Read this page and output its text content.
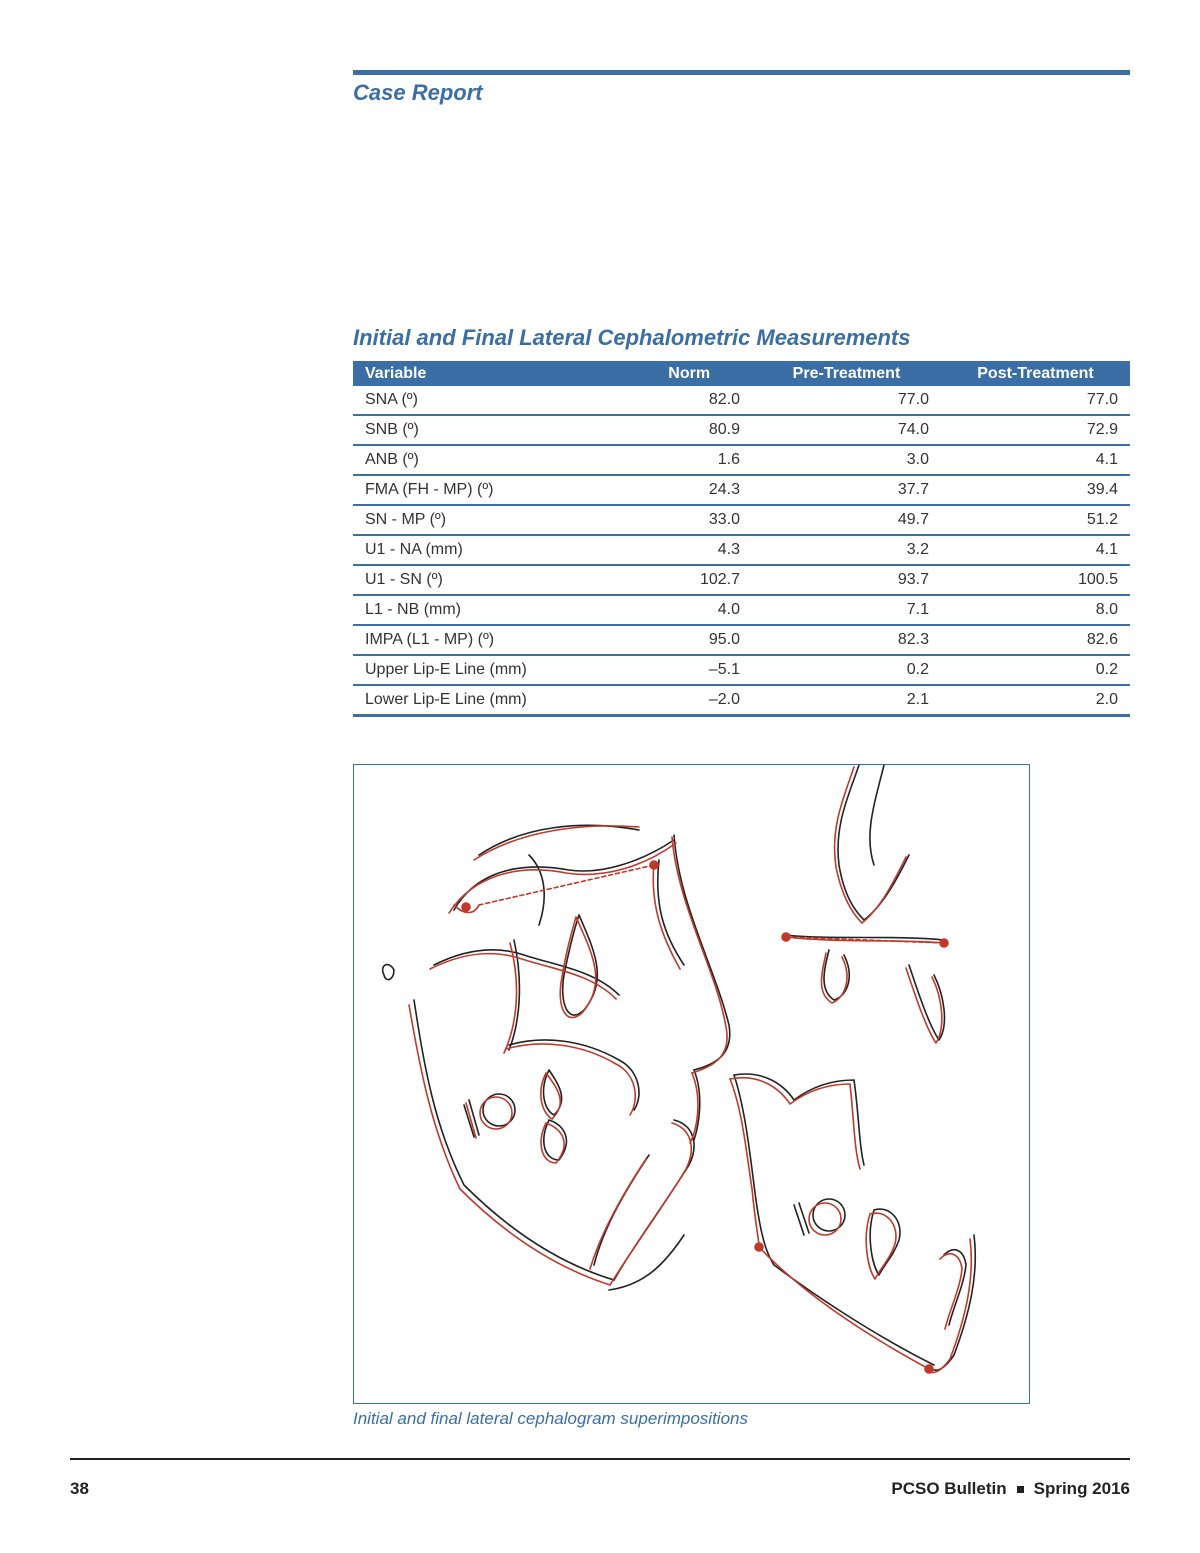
Case Report
Initial and Final Lateral Cephalometric Measurements
Variable	Norm	Pre-Treatment	Post-Treatment
SNA (º)	82.0	77.0	77.0
SNB (º)	80.9	74.0	72.9
ANB (º)	1.6	3.0	4.1
FMA (FH - MP) (º)	24.3	37.7	39.4
SN - MP (º)	33.0	49.7	51.2
U1 - NA (mm)	4.3	3.2	4.1
U1 - SN (º)	102.7	93.7	100.5
L1 - NB (mm)	4.0	7.1	8.0
IMPA (L1 - MP) (º)	95.0	82.3	82.6
Upper Lip-E Line (mm)	–5.1	0.2	0.2
Lower Lip-E Line (mm)	–2.0	2.1	2.0
Initial and final lateral cephalogram superimpositions
38	PCSO Bulletin Spring 2016
